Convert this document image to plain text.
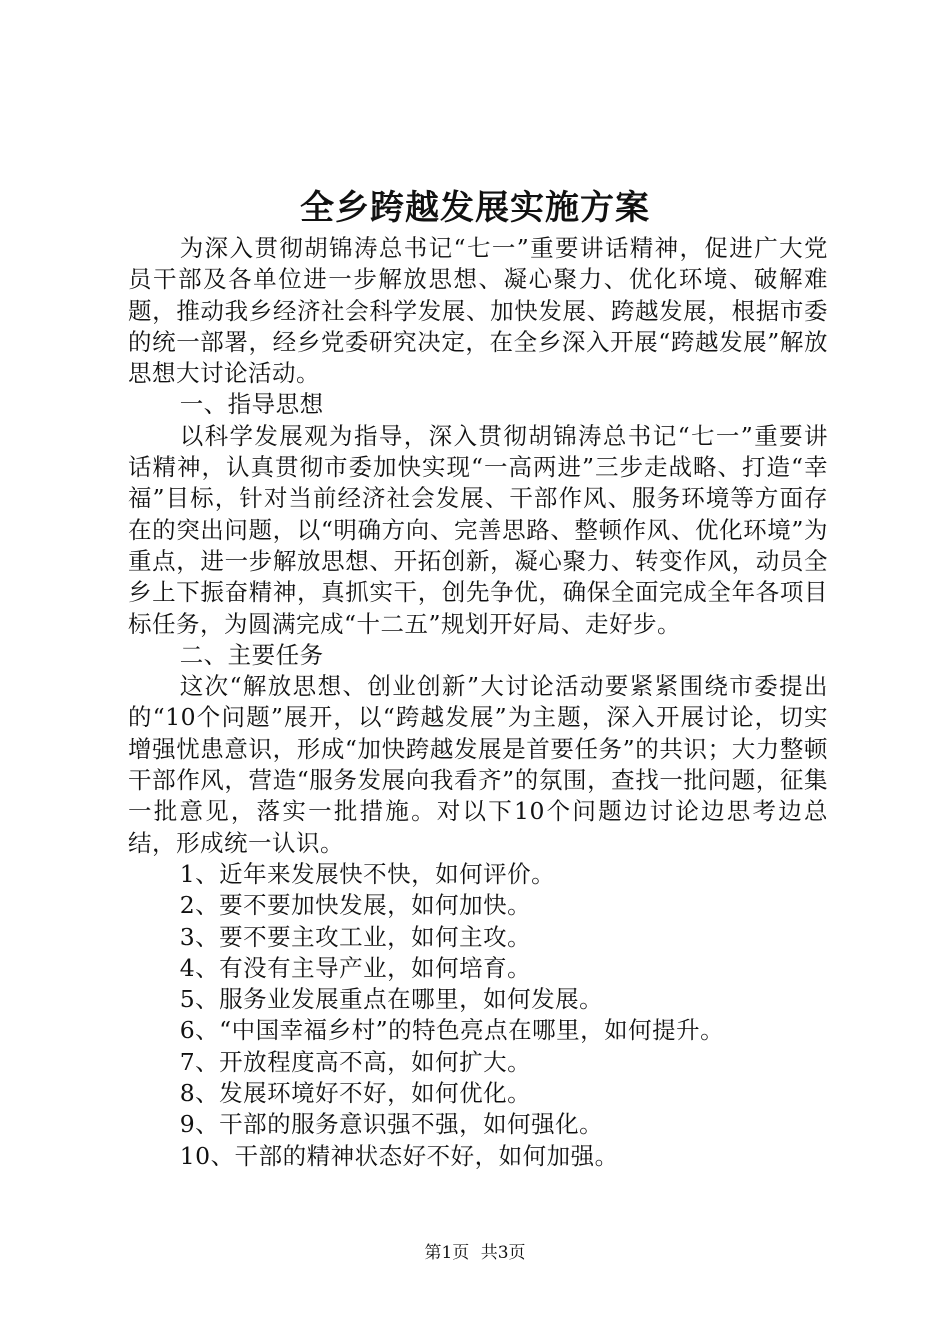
全乡跨越发展实施方案

为深入贯彻胡锦涛总书记“七一”重要讲话精神，促进广大党员干部及各单位进一步解放思想、凝心聚力、优化环境、破解难题，推动我乡经济社会科学发展、加快发展、跨越发展，根据市委的统一部署，经乡党委研究决定，在全乡深入开展“跨越发展”解放思想大讨论活动。

一、指导思想

以科学发展观为指导，深入贯彻胡锦涛总书记“七一”重要讲话精神，认真贯彻市委加快实现“一高两进”三步走战略、打造“幸福”目标，针对当前经济社会发展、干部作风、服务环境等方面存在的突出问题，以“明确方向、完善思路、整顿作风、优化环境”为重点，进一步解放思想、开拓创新，凝心聚力、转变作风，动员全乡上下振奋精神，真抓实干，创先争优，确保全面完成全年各项目标任务，为圆满完成“十二五”规划开好局、走好步。

二、主要任务

这次“解放思想、创业创新”大讨论活动要紧紧围绕市委提出的“10个问题”展开，以“跨越发展”为主题，深入开展讨论，切实增强忧患意识，形成“加快跨越发展是首要任务”的共识；大力整顿干部作风，营造“服务发展向我看齐”的氛围，查找一批问题，征集一批意见，落实一批措施。对以下10个问题边讨论边思考边总结，形成统一认识。

1、近年来发展快不快，如何评价。

2、要不要加快发展，如何加快。

3、要不要主攻工业，如何主攻。

4、有没有主导产业，如何培育。

5、服务业发展重点在哪里，如何发展。

6、“中国幸福乡村”的特色亮点在哪里，如何提升。

7、开放程度高不高，如何扩大。

8、发展环境好不好，如何优化。

9、干部的服务意识强不强，如何强化。

10、干部的精神状态好不好，如何加强。

第1页 共3页
